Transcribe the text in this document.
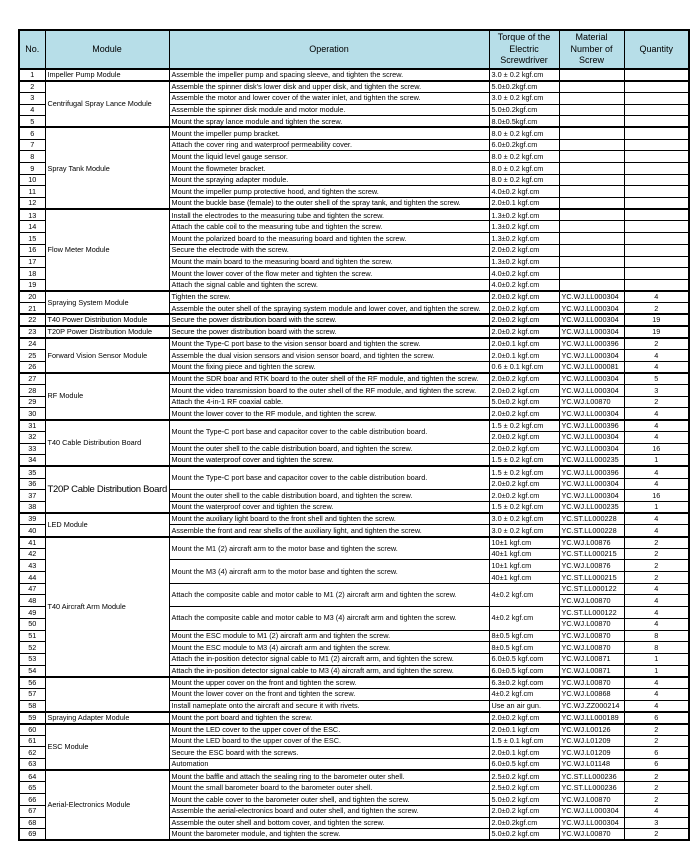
No.	Module	Operation	Torque of the Electric Screwdriver	Material Number of Screw	Quantity
1	Impeller Pump Module	Assemble the impeller pump and spacing sleeve, and tighten the screw.	3.0 ± 0.2 kgf.cm		
2	Centrifugal Spray Lance Module	Assemble the spinner disk's lower disk and upper disk, and tighten the screw.	5.0±0.2kgf.cm		
3		Assemble the motor and lower cover of the water inlet, and tighten the screw.	3.0 ± 0.2 kgf.cm		
4		Assemble the spinner disk module and motor module.	5.0±0.2kgf.cm		
5		Mount the spray lance module and tighten the screw.	8.0±0.5kgf.cm		
6	Spray Tank Module	Mount the impeller pump bracket.	8.0 ± 0.2 kgf.cm		
7		Attach the cover ring and waterproof permeability cover.	6.0±0.2kgf.cm		
8		Mount the liquid level gauge sensor.	8.0 ± 0.2 kgf.cm		
9		Mount the flowmeter bracket.	8.0 ± 0.2 kgf.cm		
10		Mount the spraying adapter module.	8.0 ± 0.2 kgf.cm		
11		Mount the impeller pump protective hood, and tighten the screw.	4.0±0.2 kgf.cm		
12		Mount the buckle base (female) to the outer shell of the spray tank, and tighten the screw.	2.0±0.1 kgf.cm		
13	Flow Meter Module	Install the electrodes to the measuring tube and tighten the screw.	1.3±0.2 kgf.cm		
14		Attach the cable coil to the measuring tube and tighten the screw.	1.3±0.2 kgf.cm		
15		Mount the polarized board to the measuring board and tighten the screw.	1.3±0.2 kgf.cm		
16		Secure the electrode with the screw.	2.0±0.2 kgf.cm		
17		Mount the main board to the measuring board and tighten the screw.	1.3±0.2 kgf.cm		
18		Mount the lower cover of the flow meter and tighten the screw.	4.0±0.2 kgf.cm		
19		Attach the signal cable and tighten the screw.	4.0±0.2 kgf.cm		
20	Spraying System Module	Tighten the screw.	2.0±0.2 kgf.cm	YC.WJ.LL000304	4
21		Assemble the outer shell of the spraying system module and lower cover, and tighten the screw.	2.0±0.2 kgf.cm	YC.WJ.LL000304	2
22	T40 Power Distribution Module	Secure the power distribution board with the screw.	2.0±0.2 kgf.cm	YC.WJ.LL000304	19
23	T20P Power Distribution Module	Secure the power distribution board with the screw.	2.0±0.2 kgf.cm	YC.WJ.LL000304	19
24	Forward Vision Sensor Module	Mount the Type-C port base to the vision sensor board and tighten the screw.	2.0±0.1 kgf.cm	YC.WJ.LL000396	2
25		Assemble the dual vision sensors and vision sensor board, and tighten the screw.	2.0±0.1 kgf.cm	YC.WJ.LL000304	4
26		Mount the fixing piece and tighten the screw.	0.6 ± 0.1 kgf.cm	YC.WJ.LL000081	4
27	RF Module	Mount the SDR boar and RTK board to the outer shell of the RF module, and tighten the screw.	2.0±0.2 kgf.cm	YC.WJ.LL000304	5
28		Mount the video transmission board to the outer shell of the RF module, and tighten the screw.	2.0±0.2 kgf.cm	YC.WJ.LL000304	3
29		Attach the 4-in-1 RF coaxial cable.	5.0±0.2 kgf.cm	YC.WJ.L00870	2
30		Mount the lower cover to the RF module, and tighten the screw.	2.0±0.2 kgf.cm	YC.WJ.LL000304	4
31	T40 Cable Distribution Board	Mount the Type-C port base and capacitor cover to the cable distribution board.	1.5 ± 0.2 kgf.cm	YC.WJ.LL000396	4
32			2.0±0.2 kgf.cm	YC.WJ.LL000304	4
33		Mount the outer shell to the cable distribution board, and tighten the screw.	2.0±0.2 kgf.cm	YC.WJ.LL000304	16
34		Mount the waterproof cover and tighten the screw.	1.5 ± 0.2 kgf.cm	YC.WJ.LL000235	1
35	T20P Cable Distribution Board	Mount the Type-C port base and capacitor cover to the cable distribution board.	1.5 ± 0.2 kgf.cm	YC.WJ.LL000396	4
36			2.0±0.2 kgf.cm	YC.WJ.LL000304	4
37		Mount the outer shell to the cable distribution board, and tighten the screw.	2.0±0.2 kgf.cm	YC.WJ.LL000304	16
38		Mount the waterproof cover and tighten the screw.	1.5 ± 0.2 kgf.cm	YC.WJ.LL000235	1
39	LED Module	Mount the auxiliary light board to the front shell and tighten the screw.	3.0 ± 0.2 kgf.cm	YC.ST.LL000228	4
40		Assemble the front and rear shells of the auxiliary light, and tighten the screw.	3.0 ± 0.2 kgf.cm	YC.ST.LL000228	4
41	T40 Aircraft Arm Module	Mount the M1 (2) aircraft arm to the motor base and tighten the screw.	10±1 kgf.cm	YC.WJ.L00876	2
42			40±1 kgf.cm	YC.ST.LL000215	2
43		Mount the M3 (4) aircraft arm to the motor base and tighten the screw.	10±1 kgf.cm	YC.WJ.L00876	2
44			40±1 kgf.cm	YC.ST.LL000215	2
47		Attach the composite cable and motor cable to M1 (2) aircraft arm and tighten the screw.	4±0.2 kgf.cm	YC.ST.LL000122	4
48				YC.WJ.L00870	4
49		Attach the composite cable and motor cable to M3 (4) aircraft arm and tighten the screw.	4±0.2 kgf.cm	YC.ST.LL000122	4
50				YC.WJ.L00870	4
51		Mount the ESC module to M1 (2) aircraft arm and tighten the screw.	8±0.5 kgf.cm	YC.WJ.L00870	8
52		Mount the ESC module to M3 (4) aircraft arm and tighten the screw.	8±0.5 kgf.cm	YC.WJ.L00870	8
53		Attach the in-position detector signal cable to M1 (2) aircraft arm, and tighten the screw.	6.0±0.5 kgf.com	YC.WJ.L00871	1
54		Attach the in-position detector signal cable to M3 (4) aircraft arm, and tighten the screw.	6.0±0.5 kgf.com	YC.WJ.L00871	1
56		Mount the upper cover on the front and tighten the screw.	6.3±0.2 kgf.com	YC.WJ.L00870	4
57		Mount the lower cover on the front and tighten the screw.	4±0.2 kgf.cm	YC.WJ.L00868	4
58		Install nameplate onto the aircraft and secure it with rivets.	Use an air gun.	YC.WJ.ZZ000214	4
59	Spraying Adapter Module	Mount the port board and tighten the screw.	2.0±0.2 kgf.cm	YC.WJ.LL000189	6
60	ESC Module	Mount the LED cover to the upper cover of the ESC.	2.0±0.1 kgf.cm	YC.WJ.L00126	2
61		Mount the LED board to the upper cover of the ESC.	1.5 ± 0.1 kgf.cm	YC.WJ.L01209	2
62		Secure the ESC board with the screws.	2.0±0.1 kgf.cm	YC.WJ.L01209	6
63		Automation	6.0±0.5 kgf.cm	YC.WJ.L01148	6
64	Aerial-Electronics Module	Mount the baffle and attach the sealing ring to the barometer outer shell.	2.5±0.2 kgf.cm	YC.ST.LL000236	2
65		Mount the small barometer board to the barometer outer shell.	2.5±0.2 kgf.cm	YC.ST.LL000236	2
66		Mount the cable cover to the barometer outer shell, and tighten the screw.	5.0±0.2 kgf.cm	YC.WJ.L00870	2
67		Assemble the aerial-electronics board and outer shell, and tighten the screw.	2.0±0.2 kgf.cm	YC.WJ.LL000304	4
68		Assemble the outer shell and bottom cover, and tighten the screw.	2.0±0.2kgf.cm	YC.WJ.LL000304	3
69		Mount the barometer module, and tighten the screw.	5.0±0.2 kgf.cm	YC.WJ.L00870	2
